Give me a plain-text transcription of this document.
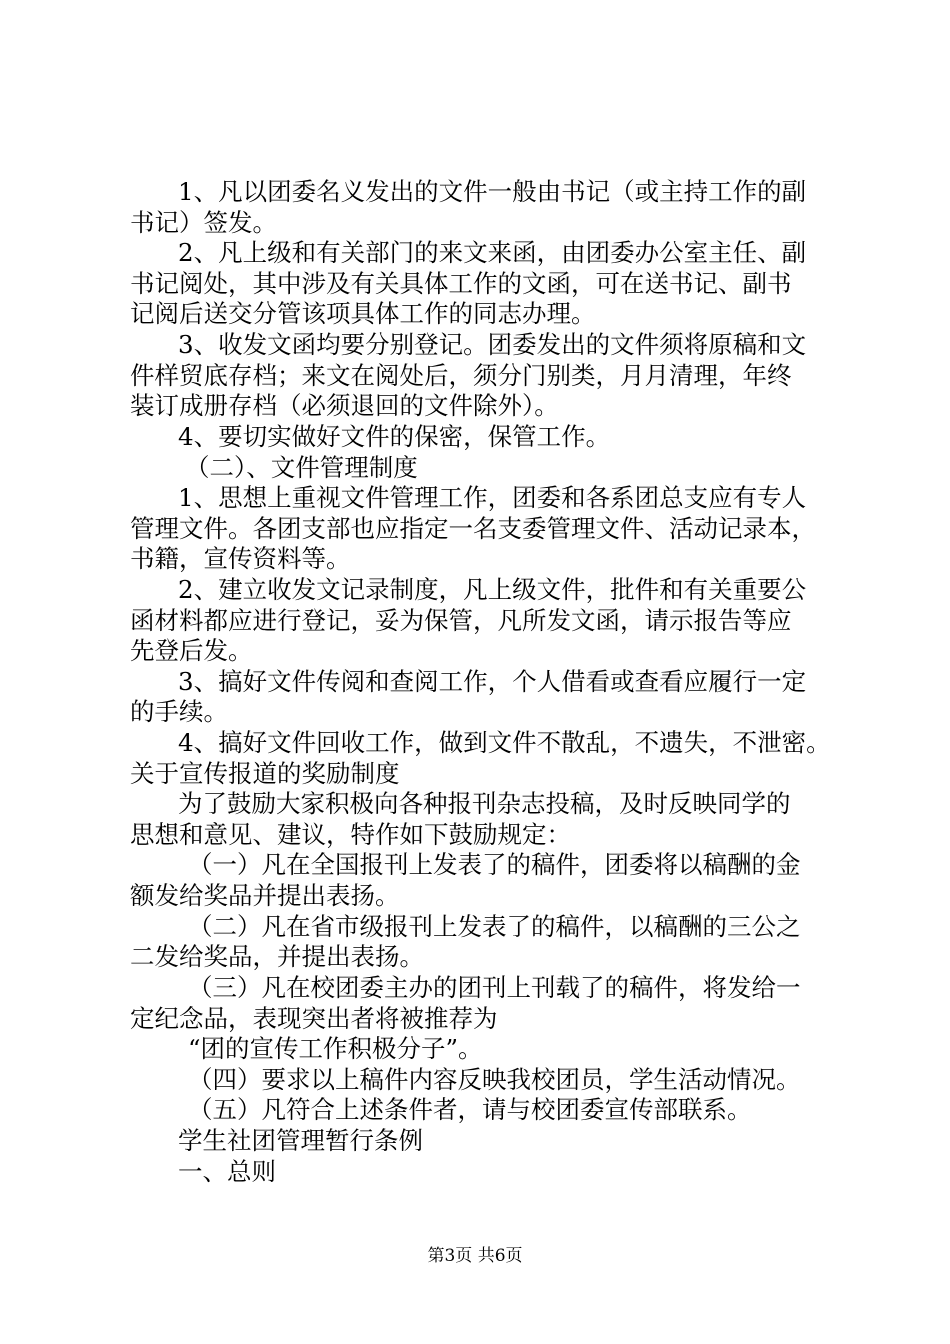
1、凡以团委名义发出的文件一般由书记（或主持工作的副

书记）签发。

2、凡上级和有关部门的来文来函，由团委办公室主任、副

书记阅处，其中涉及有关具体工作的文函，可在送书记、副书

记阅后送交分管该项具体工作的同志办理。

3、收发文函均要分别登记。团委发出的文件须将原稿和文

件样贸底存档；来文在阅处后，须分门别类，月月清理，年终

装订成册存档（必须退回的文件除外）。

4、要切实做好文件的保密，保管工作。

（二）、文件管理制度

1、思想上重视文件管理工作，团委和各系团总支应有专人

管理文件。各团支部也应指定一名支委管理文件、活动记录本，

书籍，宣传资料等。

2、建立收发文记录制度，凡上级文件，批件和有关重要公

函材料都应进行登记，妥为保管，凡所发文函，请示报告等应

先登后发。

3、搞好文件传阅和查阅工作，个人借看或查看应履行一定

的手续。

4、搞好文件回收工作，做到文件不散乱，不遗失，不泄密。

关于宣传报道的奖励制度

为了鼓励大家积极向各种报刊杂志投稿，及时反映同学的

思想和意见、建议，特作如下鼓励规定：

（一）凡在全国报刊上发表了的稿件，团委将以稿酬的金

额发给奖品并提出表扬。

（二）凡在省市级报刊上发表了的稿件，以稿酬的三公之

二发给奖品，并提出表扬。

（三）凡在校团委主办的团刊上刊载了的稿件，将发给一

定纪念品，表现突出者将被推荐为

“团的宣传工作积极分子”。

（四）要求以上稿件内容反映我校团员，学生活动情况。

（五）凡符合上述条件者，请与校团委宣传部联系。

学生社团管理暂行条例

一、总则

第3页 共6页
